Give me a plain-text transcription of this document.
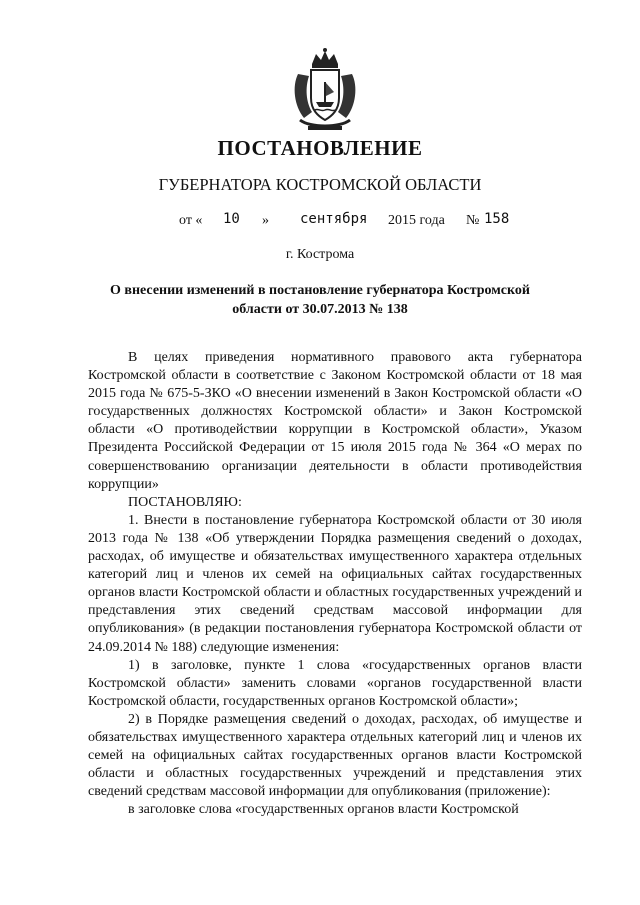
ПОСТАНОВЛЕНИЕ
ГУБЕРНАТОРА КОСТРОМСКОЙ ОБЛАСТИ
от « 10 » сентября 2015 года № 158
г. Кострома
О внесении изменений в постановление губернатора Костромской области от 30.07.2013 № 138

В целях приведения нормативного правового акта губернатора Костромской области в соответствие с Законом Костромской области от 18 мая 2015 года № 675-5-ЗКО «О внесении изменений в Закон Костромской области «О государственных должностях Костромской области» и Закон Костромской области «О противодействии коррупции в Костромской области», Указом Президента Российской Федерации от 15 июля 2015 года № 364 «О мерах по совершенствованию организации деятельности в области противодействия коррупции»

ПОСТАНОВЛЯЮ:

1. Внести в постановление губернатора Костромской области от 30 июля 2013 года № 138 «Об утверждении Порядка размещения сведений о доходах, расходах, об имуществе и обязательствах имущественного характера отдельных категорий лиц и членов их семей на официальных сайтах государственных органов власти Костромской области и областных государственных учреждений и представления этих сведений средствам массовой информации для опубликования» (в редакции постановления губернатора Костромской области от 24.09.2014 № 188) следующие изменения:

1) в заголовке, пункте 1 слова «государственных органов власти Костромской области» заменить словами «органов государственной власти Костромской области, государственных органов Костромской области»;

2) в Порядке размещения сведений о доходах, расходах, об имуществе и обязательствах имущественного характера отдельных категорий лиц и членов их семей на официальных сайтах государственных органов власти Костромской области и областных государственных учреждений и представления этих сведений средствам массовой информации для опубликования (приложение):

в заголовке слова «государственных органов власти Костромской
